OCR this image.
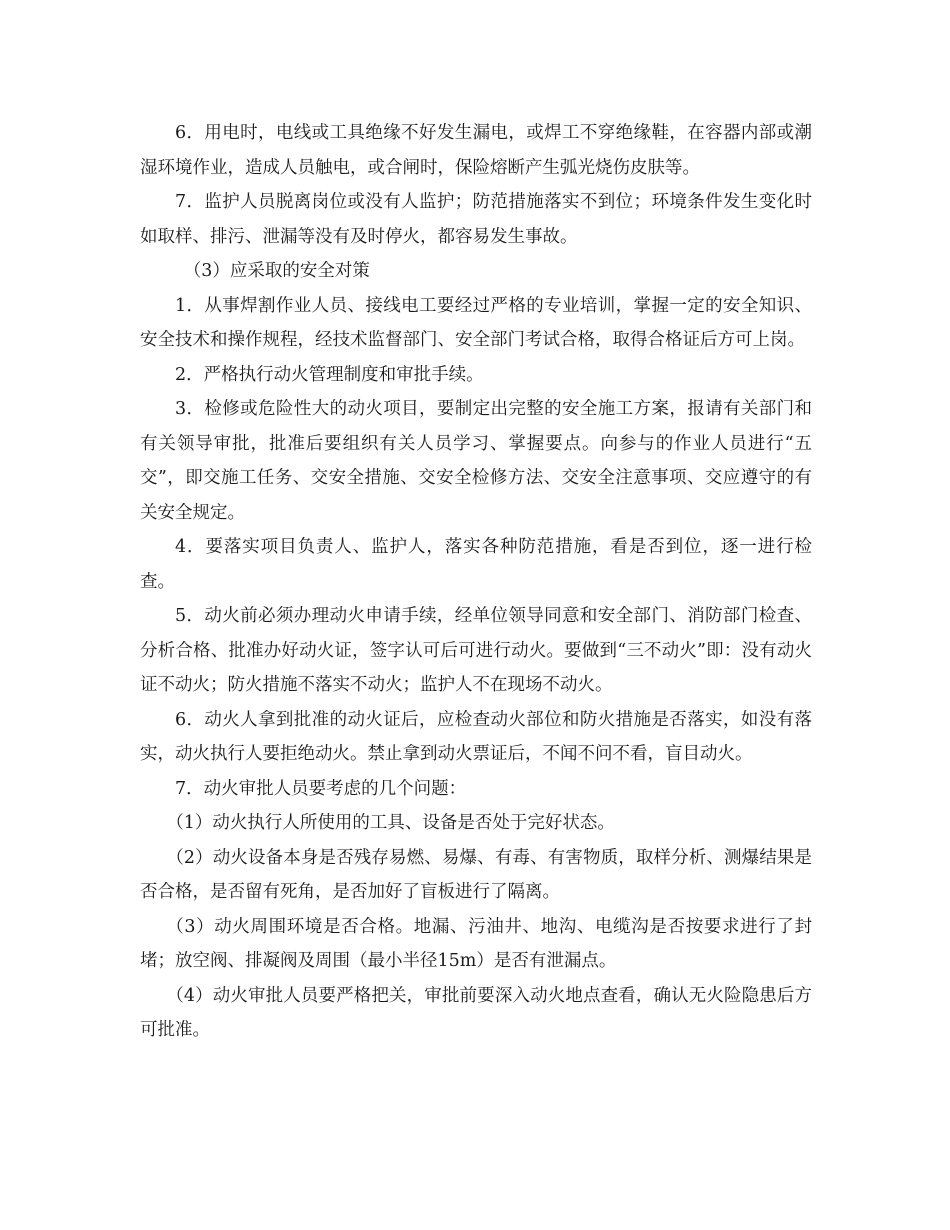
6．用电时，电线或工具绝缘不好发生漏电，或焊工不穿绝缘鞋，在容器内部或潮湿环境作业，造成人员触电，或合闸时，保险熔断产生弧光烧伤皮肤等。

7．监护人员脱离岗位或没有人监护；防范措施落实不到位；环境条件发生变化时如取样、排污、泄漏等没有及时停火，都容易发生事故。

（3）应采取的安全对策

1．从事焊割作业人员、接线电工要经过严格的专业培训，掌握一定的安全知识、安全技术和操作规程，经技术监督部门、安全部门考试合格，取得合格证后方可上岗。

2．严格执行动火管理制度和审批手续。

3．检修或危险性大的动火项目，要制定出完整的安全施工方案，报请有关部门和有关领导审批，批准后要组织有关人员学习、掌握要点。向参与的作业人员进行“五交”，即交施工任务、交安全措施、交安全检修方法、交安全注意事项、交应遵守的有关安全规定。

4．要落实项目负责人、监护人，落实各种防范措施，看是否到位，逐一进行检查。

5．动火前必须办理动火申请手续，经单位领导同意和安全部门、消防部门检查、分析合格、批准办好动火证，签字认可后可进行动火。要做到“三不动火”即：没有动火证不动火；防火措施不落实不动火；监护人不在现场不动火。

6．动火人拿到批准的动火证后，应检查动火部位和防火措施是否落实，如没有落实，动火执行人要拒绝动火。禁止拿到动火票证后，不闻不问不看，盲目动火。

7．动火审批人员要考虑的几个问题：

（1）动火执行人所使用的工具、设备是否处于完好状态。

（2）动火设备本身是否残存易燃、易爆、有毒、有害物质，取样分析、测爆结果是否合格，是否留有死角，是否加好了盲板进行了隔离。

（3）动火周围环境是否合格。地漏、污油井、地沟、电缆沟是否按要求进行了封堵；放空阀、排凝阀及周围（最小半径15m）是否有泄漏点。

（4）动火审批人员要严格把关，审批前要深入动火地点查看，确认无火险隐患后方可批准。
